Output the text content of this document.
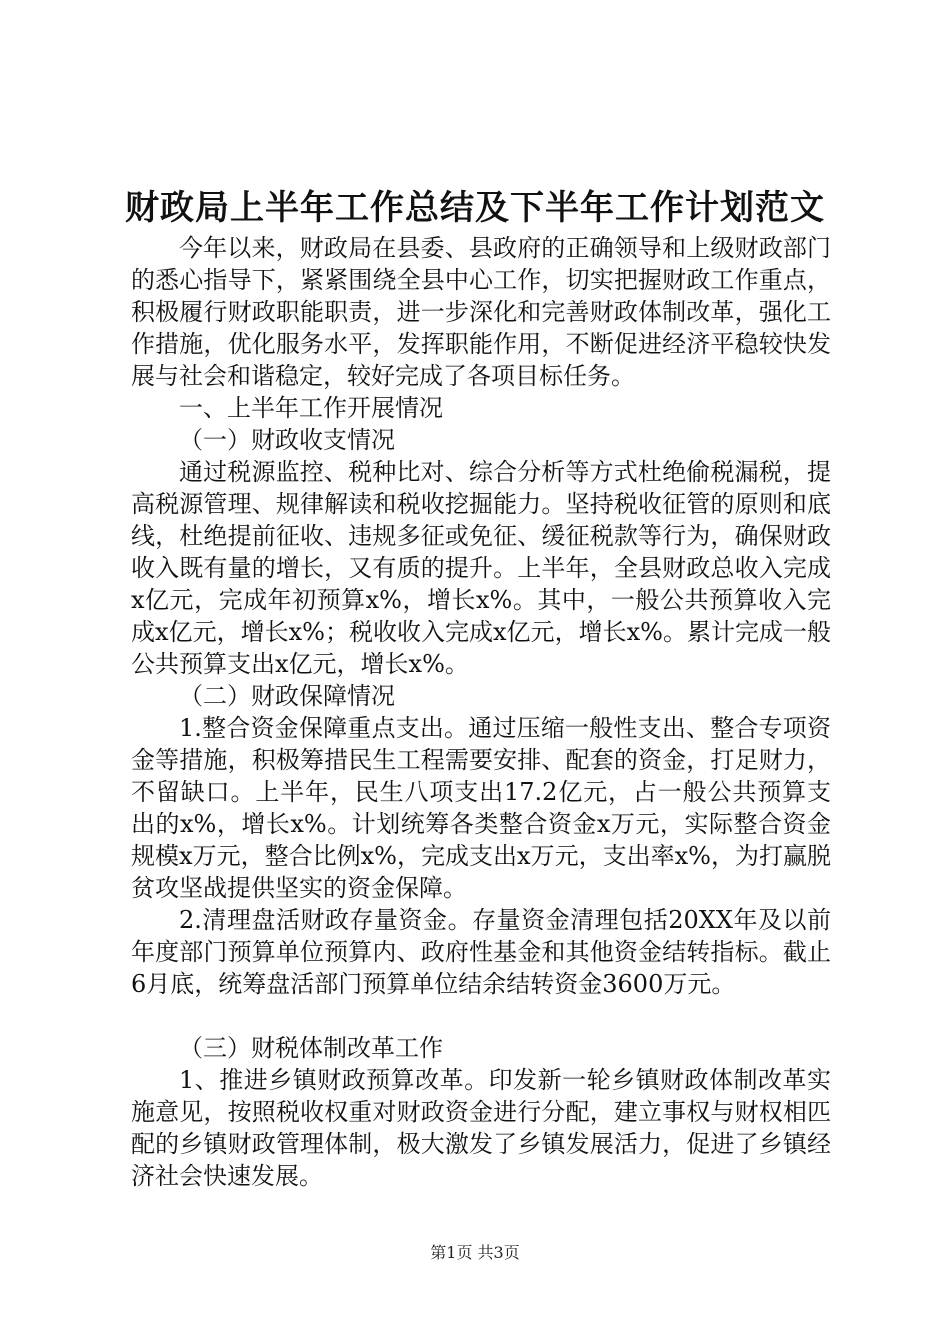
财政局上半年工作总结及下半年工作计划范文

今年以来，财政局在县委、县政府的正确领导和上级财政部门的悉心指导下，紧紧围绕全县中心工作，切实把握财政工作重点，积极履行财政职能职责，进一步深化和完善财政体制改革，强化工作措施，优化服务水平，发挥职能作用，不断促进经济平稳较快发展与社会和谐稳定，较好完成了各项目标任务。

一、上半年工作开展情况

（一）财政收支情况

通过税源监控、税种比对、综合分析等方式杜绝偷税漏税，提高税源管理、规律解读和税收挖掘能力。坚持税收征管的原则和底线，杜绝提前征收、违规多征或免征、缓征税款等行为，确保财政收入既有量的增长，又有质的提升。上半年，全县财政总收入完成x亿元，完成年初预算x%，增长x%。其中，一般公共预算收入完成x亿元，增长x%；税收收入完成x亿元，增长x%。累计完成一般公共预算支出x亿元，增长x%。

（二）财政保障情况

1.整合资金保障重点支出。通过压缩一般性支出、整合专项资金等措施，积极筹措民生工程需要安排、配套的资金，打足财力，不留缺口。上半年，民生八项支出17.2亿元，占一般公共预算支出的x%，增长x%。计划统筹各类整合资金x万元，实际整合资金规模x万元，整合比例x%，完成支出x万元，支出率x%，为打赢脱贫攻坚战提供坚实的资金保障。

2.清理盘活财政存量资金。存量资金清理包括20XX年及以前年度部门预算单位预算内、政府性基金和其他资金结转指标。截止6月底，统筹盘活部门预算单位结余结转资金3600万元。

（三）财税体制改革工作

1、推进乡镇财政预算改革。印发新一轮乡镇财政体制改革实施意见，按照税收权重对财政资金进行分配，建立事权与财权相匹配的乡镇财政管理体制，极大激发了乡镇发展活力，促进了乡镇经济社会快速发展。

第1页 共3页
